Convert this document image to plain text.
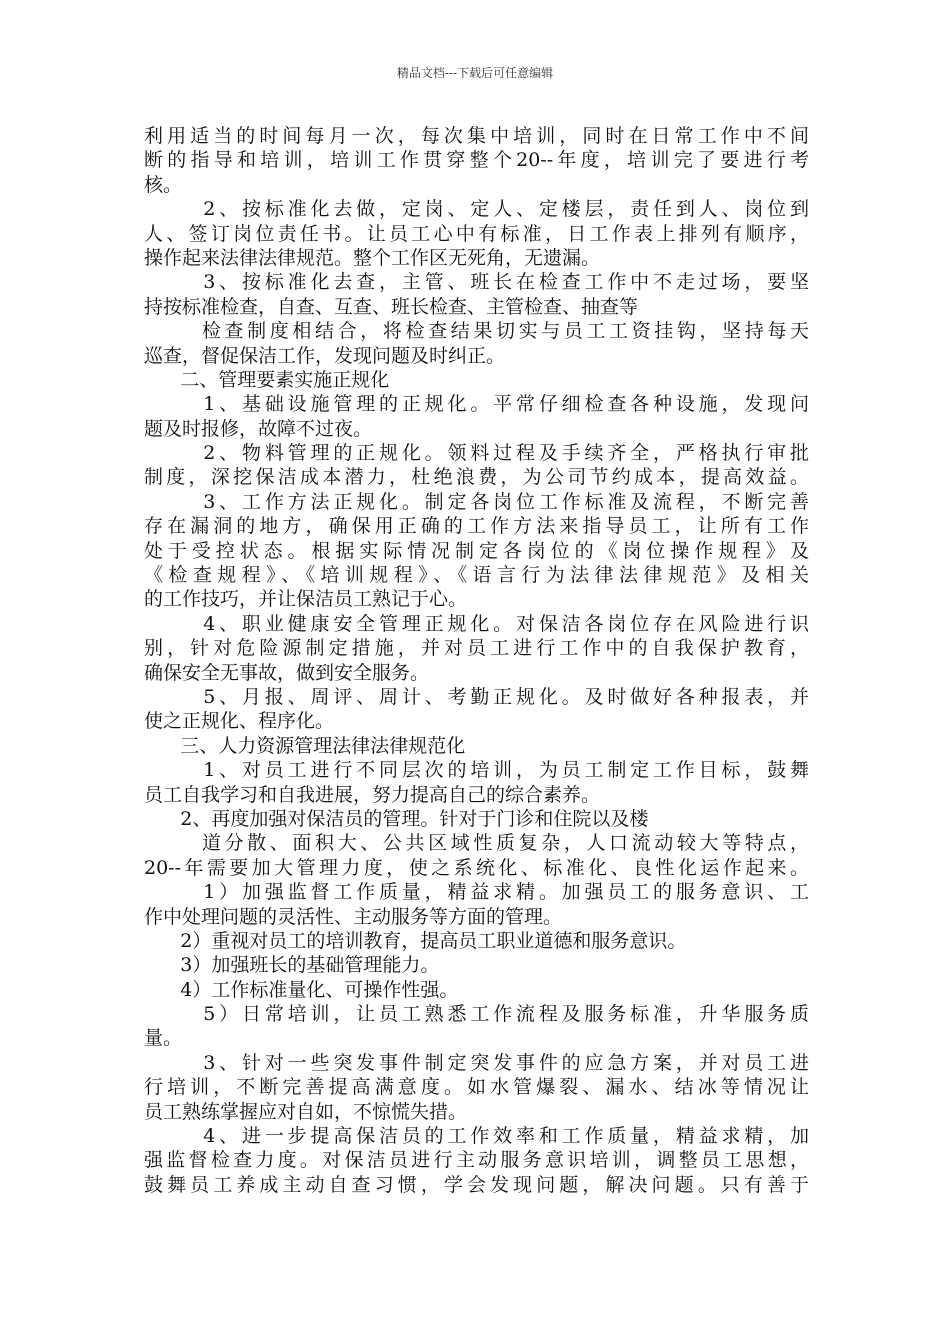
精品文档---下载后可任意编辑
利用适当的时间每月一次，每次集中培训，同时在日常工作中不间
断的指导和培训，培训工作贯穿整个20--年度，培训完了要进行考
核。
2、按标准化去做，定岗、定人、定楼层，责任到人、岗位到
人、签订岗位责任书。让员工心中有标准，日工作表上排列有顺序，
操作起来法律法律规范。整个工作区无死角，无遗漏。
3、按标准化去查，主管、班长在检查工作中不走过场，要坚
持按标准检查，自查、互查、班长检查、主管检查、抽查等
检查制度相结合，将检查结果切实与员工工资挂钩，坚持每天
巡查，督促保洁工作，发现问题及时纠正。
二、管理要素实施正规化
1、基础设施管理的正规化。平常仔细检查各种设施，发现问
题及时报修，故障不过夜。
2、物料管理的正规化。领料过程及手续齐全，严格执行审批
制度，深挖保洁成本潜力，杜绝浪费，为公司节约成本，提高效益。
3、工作方法正规化。制定各岗位工作标准及流程，不断完善
存在漏洞的地方，确保用正确的工作方法来指导员工，让所有工作
处于受控状态。根据实际情况制定各岗位的《岗位操作规程》及
《检查规程》、《培训规程》、《语言行为法律法律规范》及相关
的工作技巧，并让保洁员工熟记于心。
4、职业健康安全管理正规化。对保洁各岗位存在风险进行识
别，针对危险源制定措施，并对员工进行工作中的自我保护教育，
确保安全无事故，做到安全服务。
5、月报、周评、周计、考勤正规化。及时做好各种报表，并
使之正规化、程序化。
三、人力资源管理法律法律规范化
1、对员工进行不同层次的培训，为员工制定工作目标，鼓舞
员工自我学习和自我进展，努力提高自己的综合素养。
2、再度加强对保洁员的管理。针对于门诊和住院以及楼
道分散、面积大、公共区域性质复杂，人口流动较大等特点，
20--年需要加大管理力度，使之系统化、标准化、良性化运作起来。
1）加强监督工作质量，精益求精。加强员工的服务意识、工
作中处理问题的灵活性、主动服务等方面的管理。
2）重视对员工的培训教育，提高员工职业道德和服务意识。
3）加强班长的基础管理能力。
4）工作标准量化、可操作性强。
5）日常培训，让员工熟悉工作流程及服务标准，升华服务质
量。
3、针对一些突发事件制定突发事件的应急方案，并对员工进
行培训，不断完善提高满意度。如水管爆裂、漏水、结冰等情况让
员工熟练掌握应对自如，不惊慌失措。
4、进一步提高保洁员的工作效率和工作质量，精益求精，加
强监督检查力度。对保洁员进行主动服务意识培训，调整员工思想，
鼓舞员工养成主动自查习惯，学会发现问题，解决问题。只有善于
